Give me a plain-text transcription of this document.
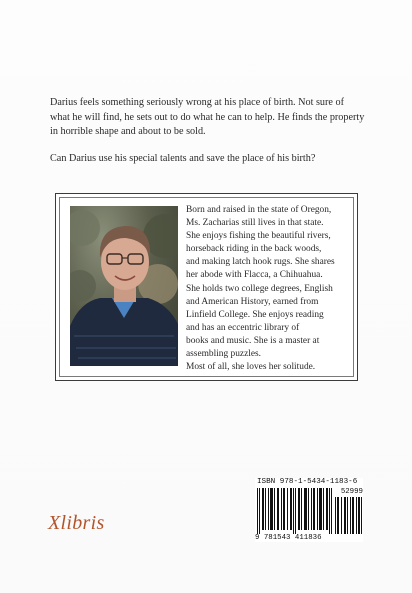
Darius feels something seriously wrong at his place of birth. Not sure of what he will find, he sets out to do what he can to help. He finds the property in horrible shape and about to be sold.

Can Darius use his special talents and save the place of his birth?

Born and raised in the state of Oregon,
Ms. Zacharias still lives in that state.
She enjoys fishing the beautiful rivers,
horseback riding in the back woods,
and making latch hook rugs. She shares
her abode with Flacca, a Chihuahua.
She holds two college degrees, English
and American History, earned from
Linfield College. She enjoys reading
and has an eccentric library of
books and music. She is a master at
assembling puzzles.
Most of all, she loves her solitude.
Xlibris
ISBN 978-1-5434-1183-6
52999
9 781543 411836
